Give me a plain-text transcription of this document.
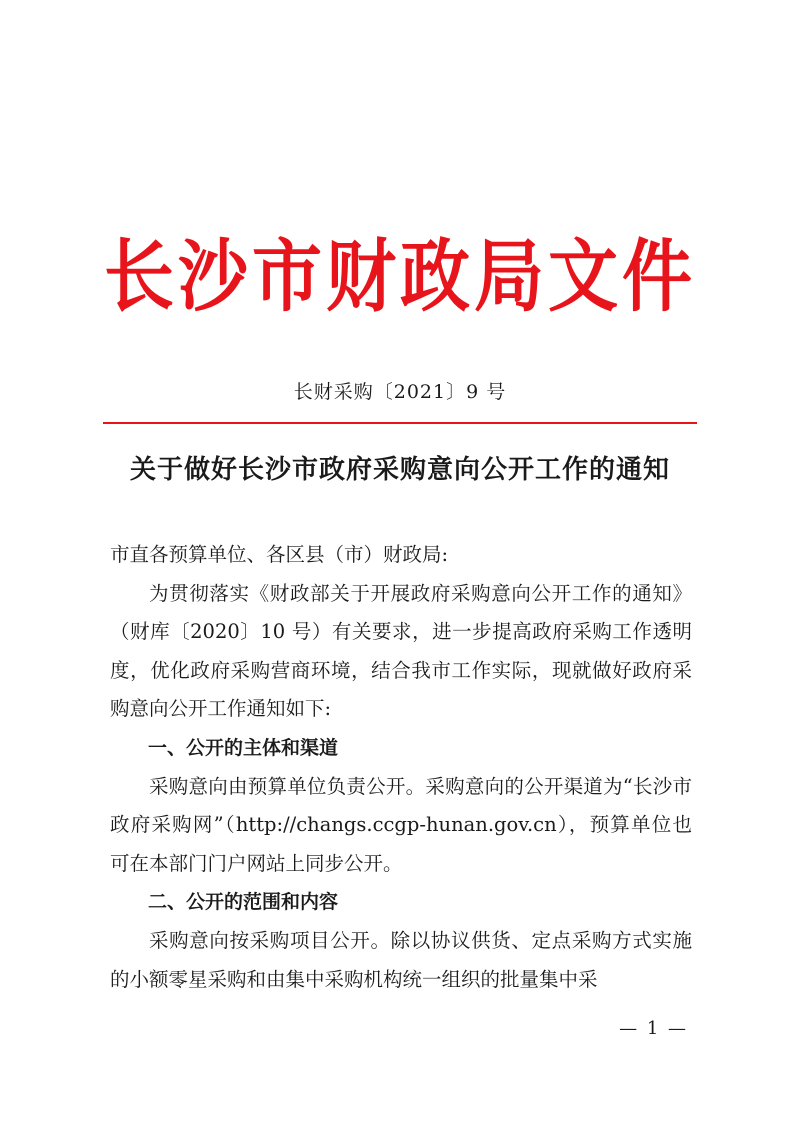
长沙市财政局文件
长财采购〔2021〕9 号
关于做好长沙市政府采购意向公开工作的通知

市直各预算单位、各区县（市）财政局:

为贯彻落实《财政部关于开展政府采购意向公开工作的通知》（财库〔2020〕10 号）有关要求，进一步提高政府采购工作透明度，优化政府采购营商环境，结合我市工作实际，现就做好政府采购意向公开工作通知如下:

一、公开的主体和渠道

采购意向由预算单位负责公开。采购意向的公开渠道为“长沙市政府采购网”（http://changs.ccgp-hunan.gov.cn），预算单位也可在本部门门户网站上同步公开。

二、公开的范围和内容

采购意向按采购项目公开。除以协议供货、定点采购方式实施的小额零星采购和由集中采购机构统一组织的批量集中采

— 1 —
